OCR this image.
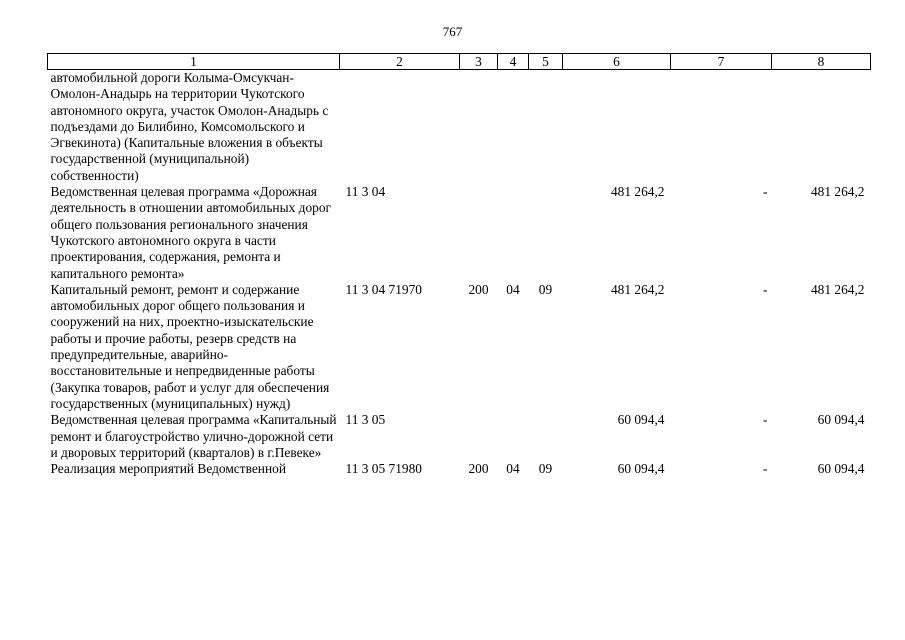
767
1	2	3	4	5	6	7	8
автомобильной дороги Колыма-Омсукчан-Омолон-Анадырь на территории Чукотского автономного округа, участок Омолон-Анадырь с подъездами до Билибино, Комсомольского и Эгвекинота) (Капитальные вложения в объекты государственной (муниципальной) собственности)							
Ведомственная целевая программа «Дорожная деятельность в отношении автомобильных дорог общего пользования регионального значения Чукотского автономного округа в части проектирования, содержания, ремонта и капитального ремонта»	11 3 04				481 264,2	-	481 264,2
Капитальный ремонт, ремонт и содержание автомобильных дорог общего пользования и сооружений на них, проектно-изыскательские работы и прочие работы, резерв средств на предупредительные, аварийно-восстановительные и непредвиденные работы (Закупка товаров, работ и услуг для обеспечения государственных (муниципальных) нужд)	11 3 04 71970	200	04	09	481 264,2	-	481 264,2
Ведомственная целевая программа «Капитальный ремонт и благоустройство улично-дорожной сети и дворовых территорий (кварталов) в г.Певеке»	11 3 05				60 094,4	-	60 094,4
Реализация мероприятий Ведомственной	11 3 05 71980	200	04	09	60 094,4	-	60 094,4
